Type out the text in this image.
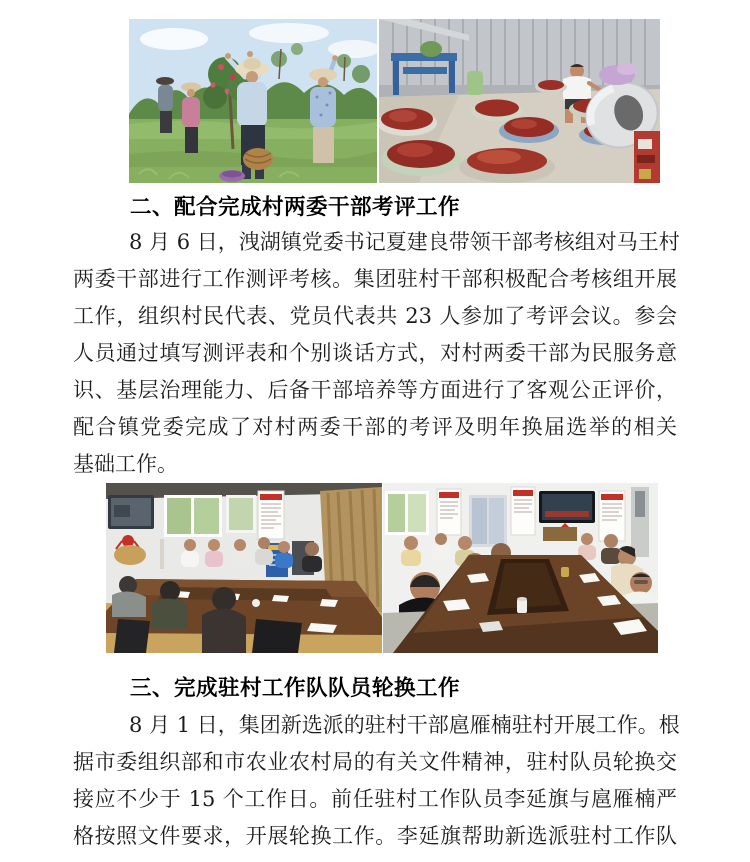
二、配合完成村两委干部考评工作
8 月 6 日，洩湖镇党委书记夏建良带领干部考核组对马王村
两委干部进行工作测评考核。集团驻村干部积极配合考核组开展
工作，组织村民代表、党员代表共 23 人参加了考评会议。参会
人员通过填写测评表和个别谈话方式，对村两委干部为民服务意
识、基层治理能力、后备干部培养等方面进行了客观公正评价，
配合镇党委完成了对村两委干部的考评及明年换届选举的相关
基础工作。
三、完成驻村工作队队员轮换工作
8 月 1 日，集团新选派的驻村干部扈雁楠驻村开展工作。根
据市委组织部和市农业农村局的有关文件精神，驻村队员轮换交
接应不少于 15 个工作日。前任驻村工作队员李延旗与扈雁楠严
格按照文件要求，开展轮换工作。李延旗帮助新选派驻村工作队
